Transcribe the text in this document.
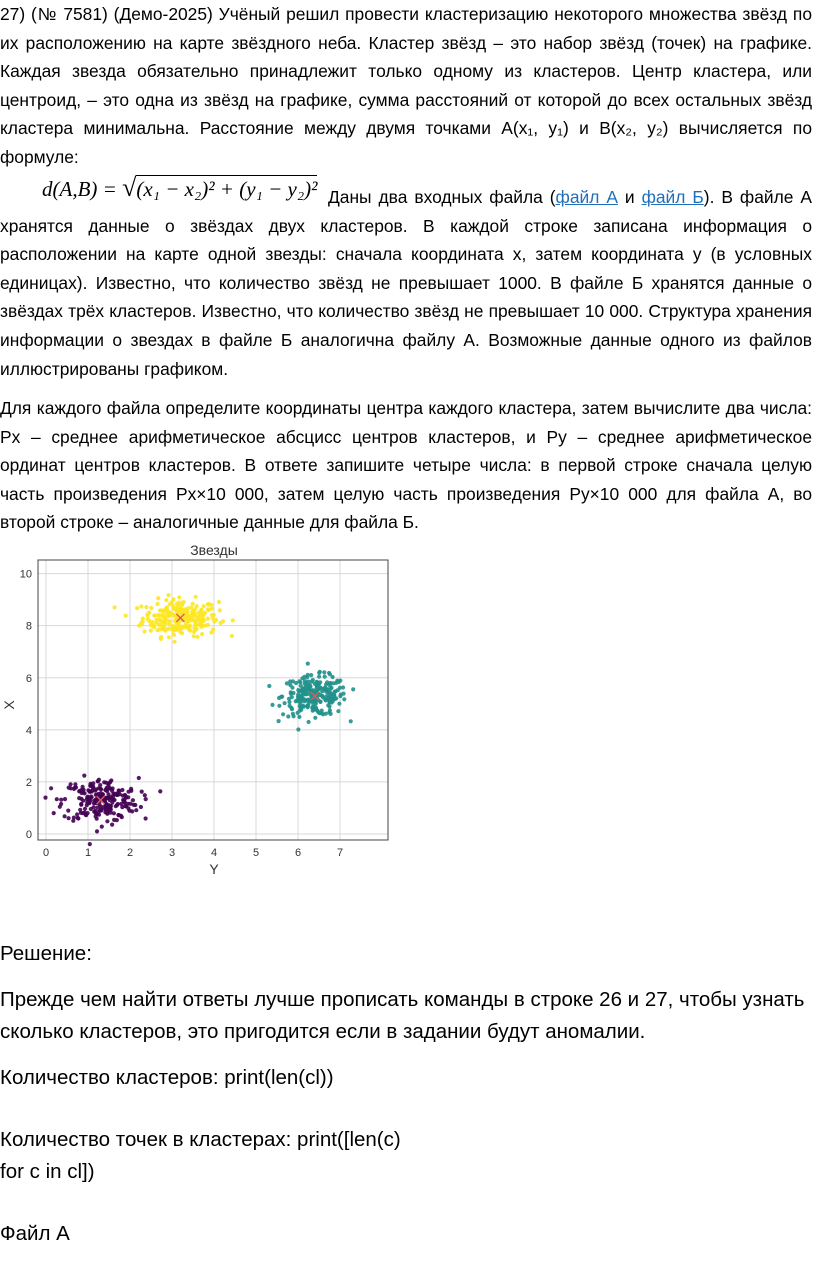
27) (№ 7581) (Демо-2025) Учёный решил провести кластеризацию некоторого множества звёзд по их расположению на карте звёздного неба. Кластер звёзд – это набор звёзд (точек) на графике. Каждая звезда обязательно принадлежит только одному из кластеров. Центр кластера, или центроид, – это одна из звёзд на графике, сумма расстояний от которой до всех остальных звёзд кластера минимальна. Расстояние между двумя точками A(x₁, y₁) и B(x₂, y₂) вычисляется по формуле:

d(A,B) = √(x₁ − x₂)² + (y₁ − y₂)² Даны два входных файла (файл А и файл Б). В файле А хранятся данные о звёздах двух кластеров. В каждой строке записана информация о расположении на карте одной звезды: сначала координата x, затем координата y (в условных единицах). Известно, что количество звёзд не превышает 1000. В файле Б хранятся данные о звёздах трёх кластеров. Известно, что количество звёзд не превышает 10 000. Структура хранения информации о звездах в файле Б аналогична файлу А. Возможные данные одного из файлов иллюстрированы графиком.

Для каждого файла определите координаты центра каждого кластера, затем вычислите два числа: Px – среднее арифметическое абсцисс центров кластеров, и Py – среднее арифметическое ординат центров кластеров. В ответе запишите четыре числа: в первой строке сначала целую часть произведения Px×10 000, затем целую часть произведения Py×10 000 для файла А, во второй строке – аналогичные данные для файла Б.

0	1	2	3	4	5	6	7
0
2
4
6
8
10
Звезды
Y
X

Решение:

Прежде чем найти ответы лучше прописать команды в строке 26 и 27, чтобы узнать сколько кластеров, это пригодится если в задании будут аномалии.

Количество кластеров: print(len(cl))

Количество точек в кластерах: print([len(c)

for c in cl])

Файл А
